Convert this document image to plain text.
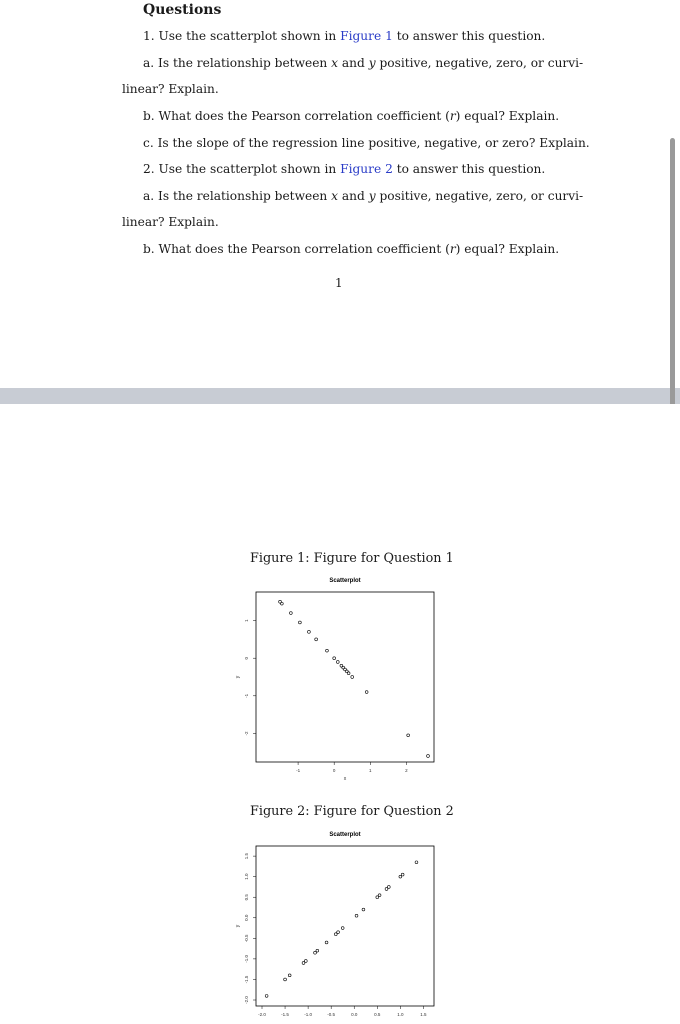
Questions
1. Use the scatterplot shown in Figure 1 to answer this question.
a. Is the relationship between x and y positive, negative, zero, or curvi-
linear? Explain.
b. What does the Pearson correlation coefficient (r) equal? Explain.
c. Is the slope of the regression line positive, negative, or zero? Explain.
2. Use the scatterplot shown in Figure 2 to answer this question.
a. Is the relationship between x and y positive, negative, zero, or curvi-
linear? Explain.
b. What does the Pearson correlation coefficient (r) equal? Explain.
1
Figure 1: Figure for Question 1
Scatterplot
-1	0	1	2
-2
-1
0
1
x
y
Figure 2: Figure for Question 2
Scatterplot
-2.0	-1.5	-1.0	-0.5	0.0	0.5	1.0	1.5
-2.0
-1.5
-1.0
-0.5
0.0
0.5
1.0
1.5
y
